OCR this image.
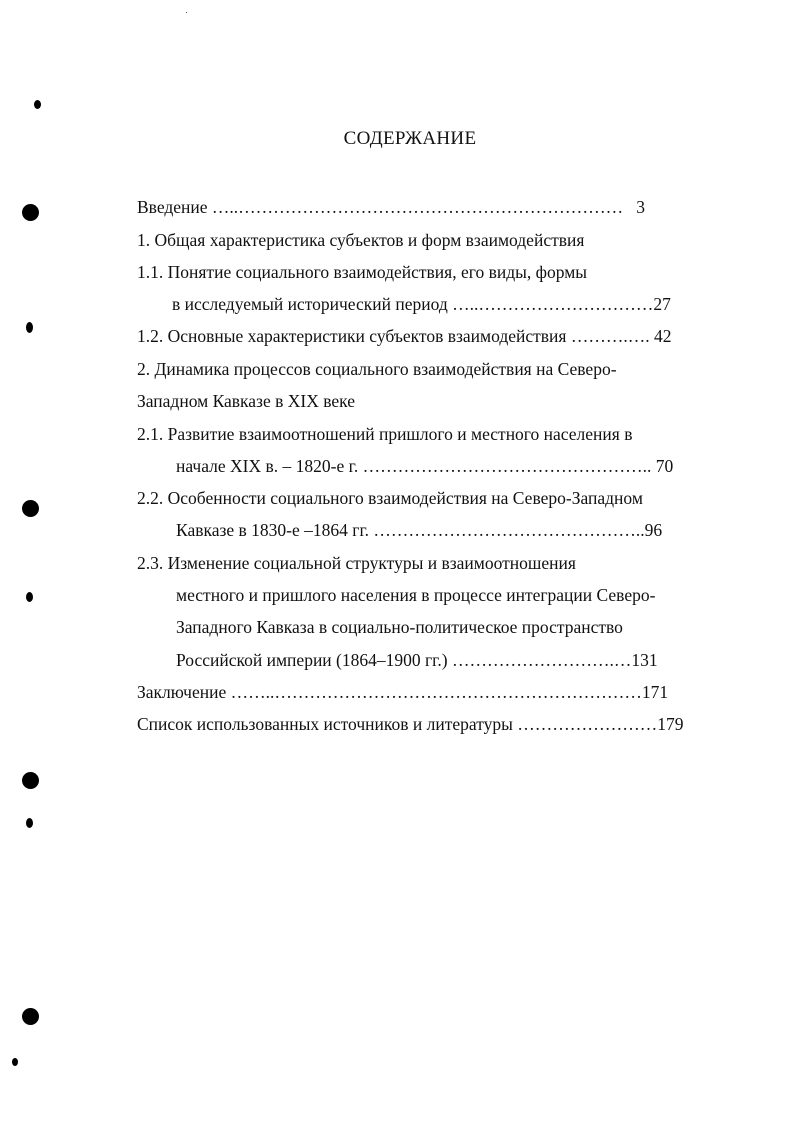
СОДЕРЖАНИЕ
Введение …..…………………………………………………………   3
1. Общая характеристика субъектов и форм взаимодействия
1.1. Понятие социального взаимодействия, его виды, формы
в исследуемый исторический период …..…………………………27
1.2. Основные характеристики субъектов взаимодействия ……….…. 42
2. Динамика процессов социального взаимодействия на Северо-
Западном Кавказе в XIX веке
2.1. Развитие взаимоотношений пришлого и местного населения в
начале XIX в. – 1820-е г. ………………………………………….. 70
2.2. Особенности социального взаимодействия на Северо-Западном
Кавказе в 1830-е –1864 гг. ………………………………………..96
2.3. Изменение социальной структуры и взаимоотношения
местного и пришлого населения в процессе интеграции Северо-
Западного Кавказа в социально-политическое пространство
Российской империи (1864–1900 гг.) ……………………….…131
Заключение ……..………………………………………………………171
Список использованных источников и литературы ……………………179
